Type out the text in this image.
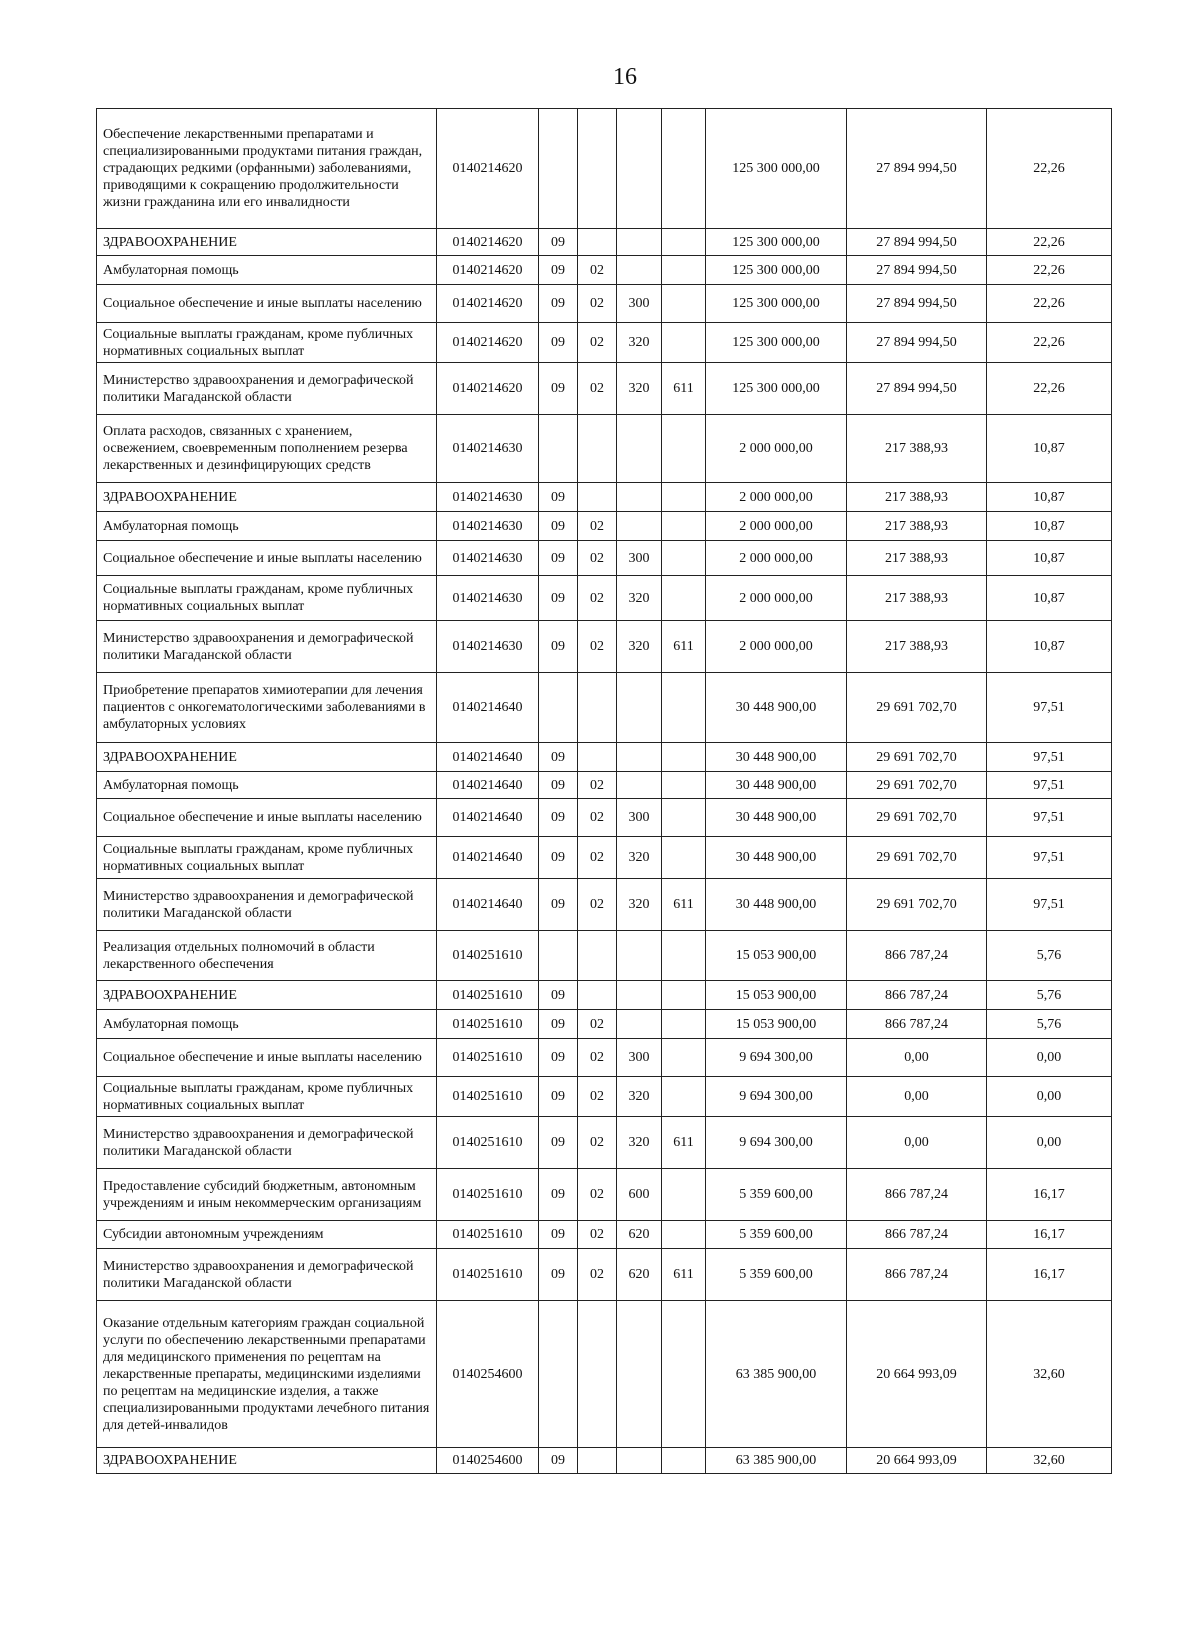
16
Обеспечение лекарственными препаратами и специализированными продуктами питания граждан, страдающих редкими (орфанными) заболеваниями, приводящими к сокращению продолжительности жизни гражданина или его инвалидности	0140214620					125 300 000,00	27 894 994,50	22,26
ЗДРАВООХРАНЕНИЕ	0140214620	09				125 300 000,00	27 894 994,50	22,26
Амбулаторная помощь	0140214620	09	02			125 300 000,00	27 894 994,50	22,26
Социальное обеспечение и иные выплаты населению	0140214620	09	02	300		125 300 000,00	27 894 994,50	22,26
Социальные выплаты гражданам, кроме публичных нормативных социальных выплат	0140214620	09	02	320		125 300 000,00	27 894 994,50	22,26
Министерство здравоохранения и демографической политики Магаданской области	0140214620	09	02	320	611	125 300 000,00	27 894 994,50	22,26
Оплата расходов, связанных с хранением, освежением, своевременным пополнением резерва лекарственных и дезинфицирующих средств	0140214630					2 000 000,00	217 388,93	10,87
ЗДРАВООХРАНЕНИЕ	0140214630	09				2 000 000,00	217 388,93	10,87
Амбулаторная помощь	0140214630	09	02			2 000 000,00	217 388,93	10,87
Социальное обеспечение и иные выплаты населению	0140214630	09	02	300		2 000 000,00	217 388,93	10,87
Социальные выплаты гражданам, кроме публичных нормативных социальных выплат	0140214630	09	02	320		2 000 000,00	217 388,93	10,87
Министерство здравоохранения и демографической политики Магаданской области	0140214630	09	02	320	611	2 000 000,00	217 388,93	10,87
Приобретение препаратов химиотерапии для лечения пациентов с онкогематологическими заболеваниями в амбулаторных условиях	0140214640					30 448 900,00	29 691 702,70	97,51
ЗДРАВООХРАНЕНИЕ	0140214640	09				30 448 900,00	29 691 702,70	97,51
Амбулаторная помощь	0140214640	09	02			30 448 900,00	29 691 702,70	97,51
Социальное обеспечение и иные выплаты населению	0140214640	09	02	300		30 448 900,00	29 691 702,70	97,51
Социальные выплаты гражданам, кроме публичных нормативных социальных выплат	0140214640	09	02	320		30 448 900,00	29 691 702,70	97,51
Министерство здравоохранения и демографической политики Магаданской области	0140214640	09	02	320	611	30 448 900,00	29 691 702,70	97,51
Реализация отдельных полномочий в области лекарственного обеспечения	0140251610					15 053 900,00	866 787,24	5,76
ЗДРАВООХРАНЕНИЕ	0140251610	09				15 053 900,00	866 787,24	5,76
Амбулаторная помощь	0140251610	09	02			15 053 900,00	866 787,24	5,76
Социальное обеспечение и иные выплаты населению	0140251610	09	02	300		9 694 300,00	0,00	0,00
Социальные выплаты гражданам, кроме публичных нормативных социальных выплат	0140251610	09	02	320		9 694 300,00	0,00	0,00
Министерство здравоохранения и демографической политики Магаданской области	0140251610	09	02	320	611	9 694 300,00	0,00	0,00
Предоставление субсидий бюджетным, автономным учреждениям и иным некоммерческим организациям	0140251610	09	02	600		5 359 600,00	866 787,24	16,17
Субсидии автономным учреждениям	0140251610	09	02	620		5 359 600,00	866 787,24	16,17
Министерство здравоохранения и демографической политики Магаданской области	0140251610	09	02	620	611	5 359 600,00	866 787,24	16,17
Оказание отдельным категориям граждан социальной услуги по обеспечению лекарственными препаратами для медицинского применения по рецептам на лекарственные препараты, медицинскими изделиями по рецептам на медицинские изделия, а также специализированными продуктами лечебного питания для детей-инвалидов	0140254600					63 385 900,00	20 664 993,09	32,60
ЗДРАВООХРАНЕНИЕ	0140254600	09				63 385 900,00	20 664 993,09	32,60
